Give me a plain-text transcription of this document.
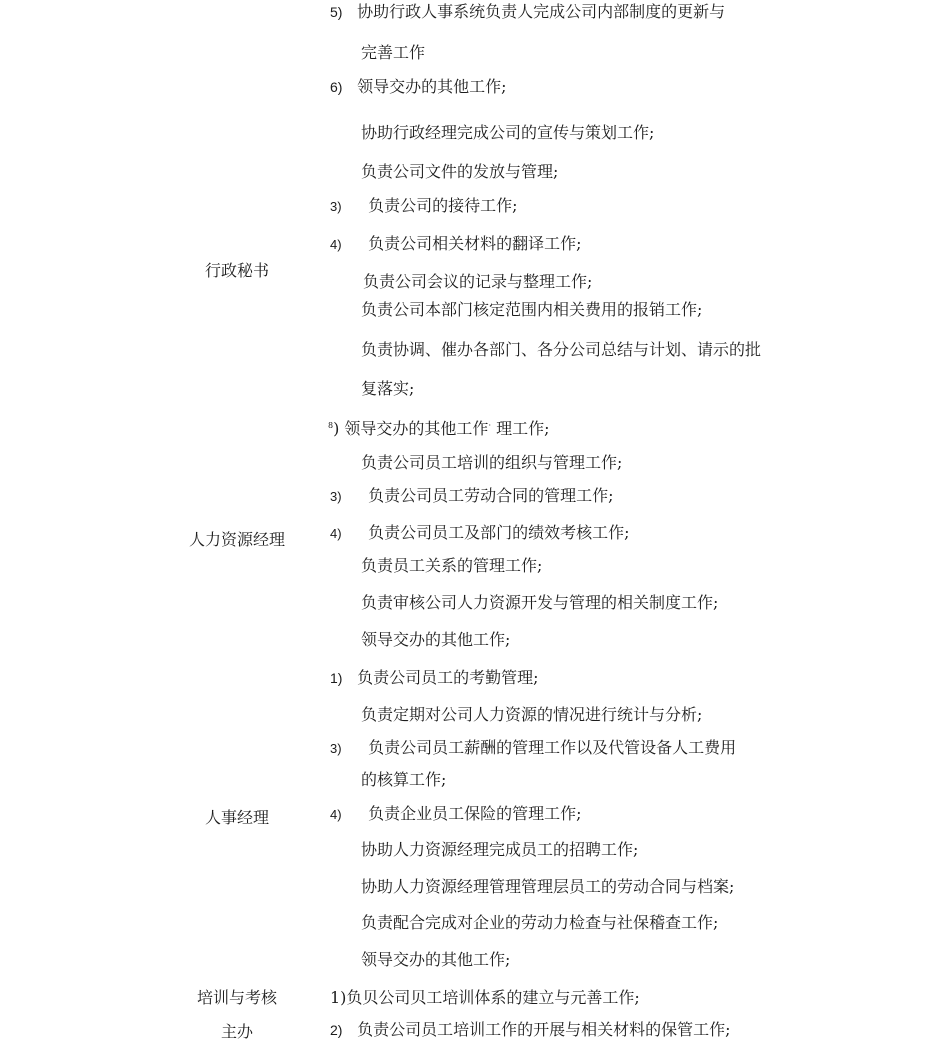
行政秘书
人力资源经理
人事经理
培训与考核
主办
5) 协助行政人事系统负责人完成公司内部制度的更新与
完善工作
6) 领导交办的其他工作;
协助行政经理完成公司的宣传与策划工作;
负责公司文件的发放与管理;
3) 负责公司的接待工作;
4) 负责公司相关材料的翻译工作;
负责公司会议的记录与整理工作;
负责公司本部门核定范围内相关费用的报销工作;
负责协调、催办各部门、各分公司总结与计划、请示的批
复落实;
$^8$) 领导交办的其他工作· 理工作;
负责公司员工培训的组织与管理工作;
3) 负责公司员工劳动合同的管理工作;
4) 负责公司员工及部门的绩效考核工作;
负责员工关系的管理工作;
负责审核公司人力资源开发与管理的相关制度工作;
领导交办的其他工作;
1) 负责公司员工的考勤管理;
负责定期对公司人力资源的情况进行统计与分析;
3) 负责公司员工薪酬的管理工作以及代管设备人工费用
的核算工作;
4) 负责企业员工保险的管理工作;
协助人力资源经理完成员工的招聘工作;
协助人力资源经理管理管理层员工的劳动合同与档案;
负责配合完成对企业的劳动力检查与社保稽查工作;
领导交办的其他工作;
1)负贝公司贝工培训体系的建立与元善工作;
2) 负责公司员工培训工作的开展与相关材料的保管工作;
